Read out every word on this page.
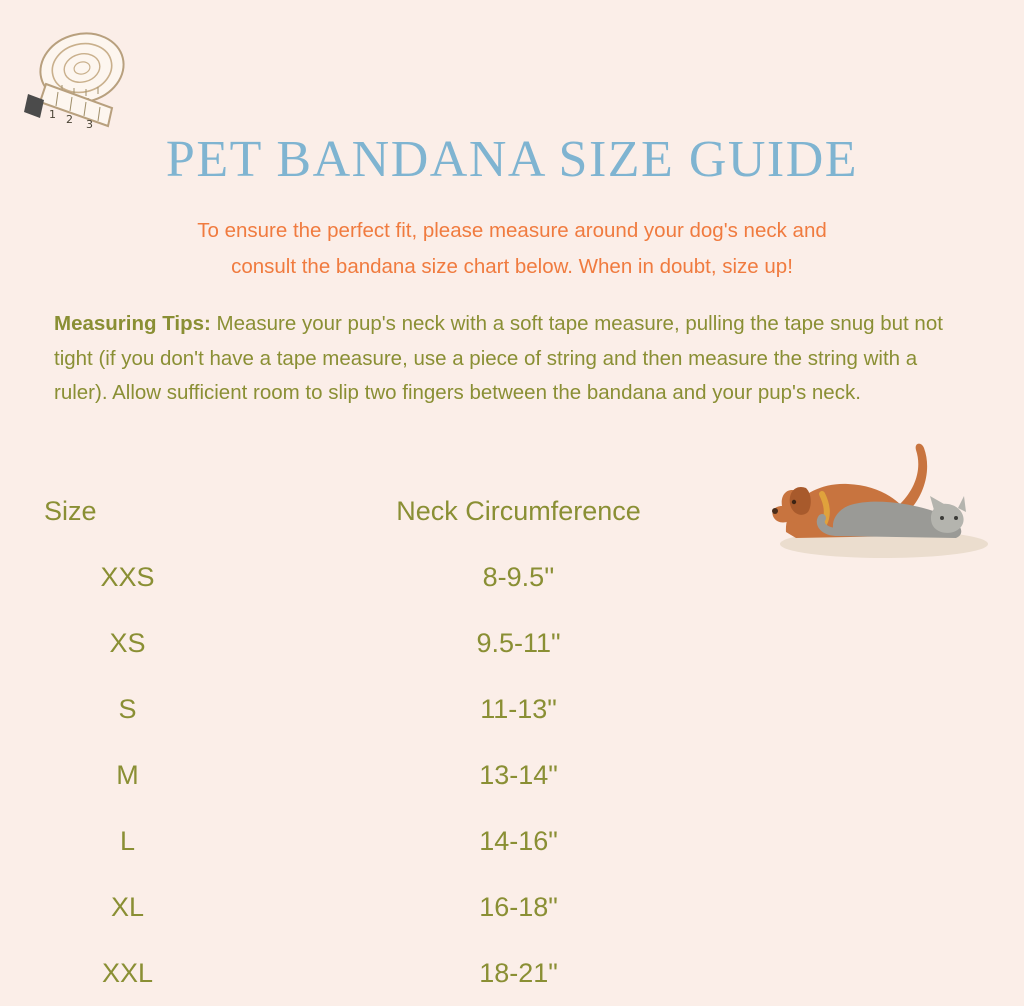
1 2 3
PET BANDANA SIZE GUIDE
To ensure the perfect fit, please measure around your dog's neck and
consult the bandana size chart below. When in doubt, size up!
Measuring Tips: Measure your pup's neck with a soft tape measure, pulling the tape snug but not tight (if you don't have a tape measure, use a piece of string and then measure the string with a ruler). Allow sufficient room to slip two fingers between the bandana and your pup's neck.
Size	Neck Circumference
XXS	8-9.5''
XS	9.5-11"
S	11-13"
M	13-14"
L	14-16"
XL	16-18"
XXL	18-21"
